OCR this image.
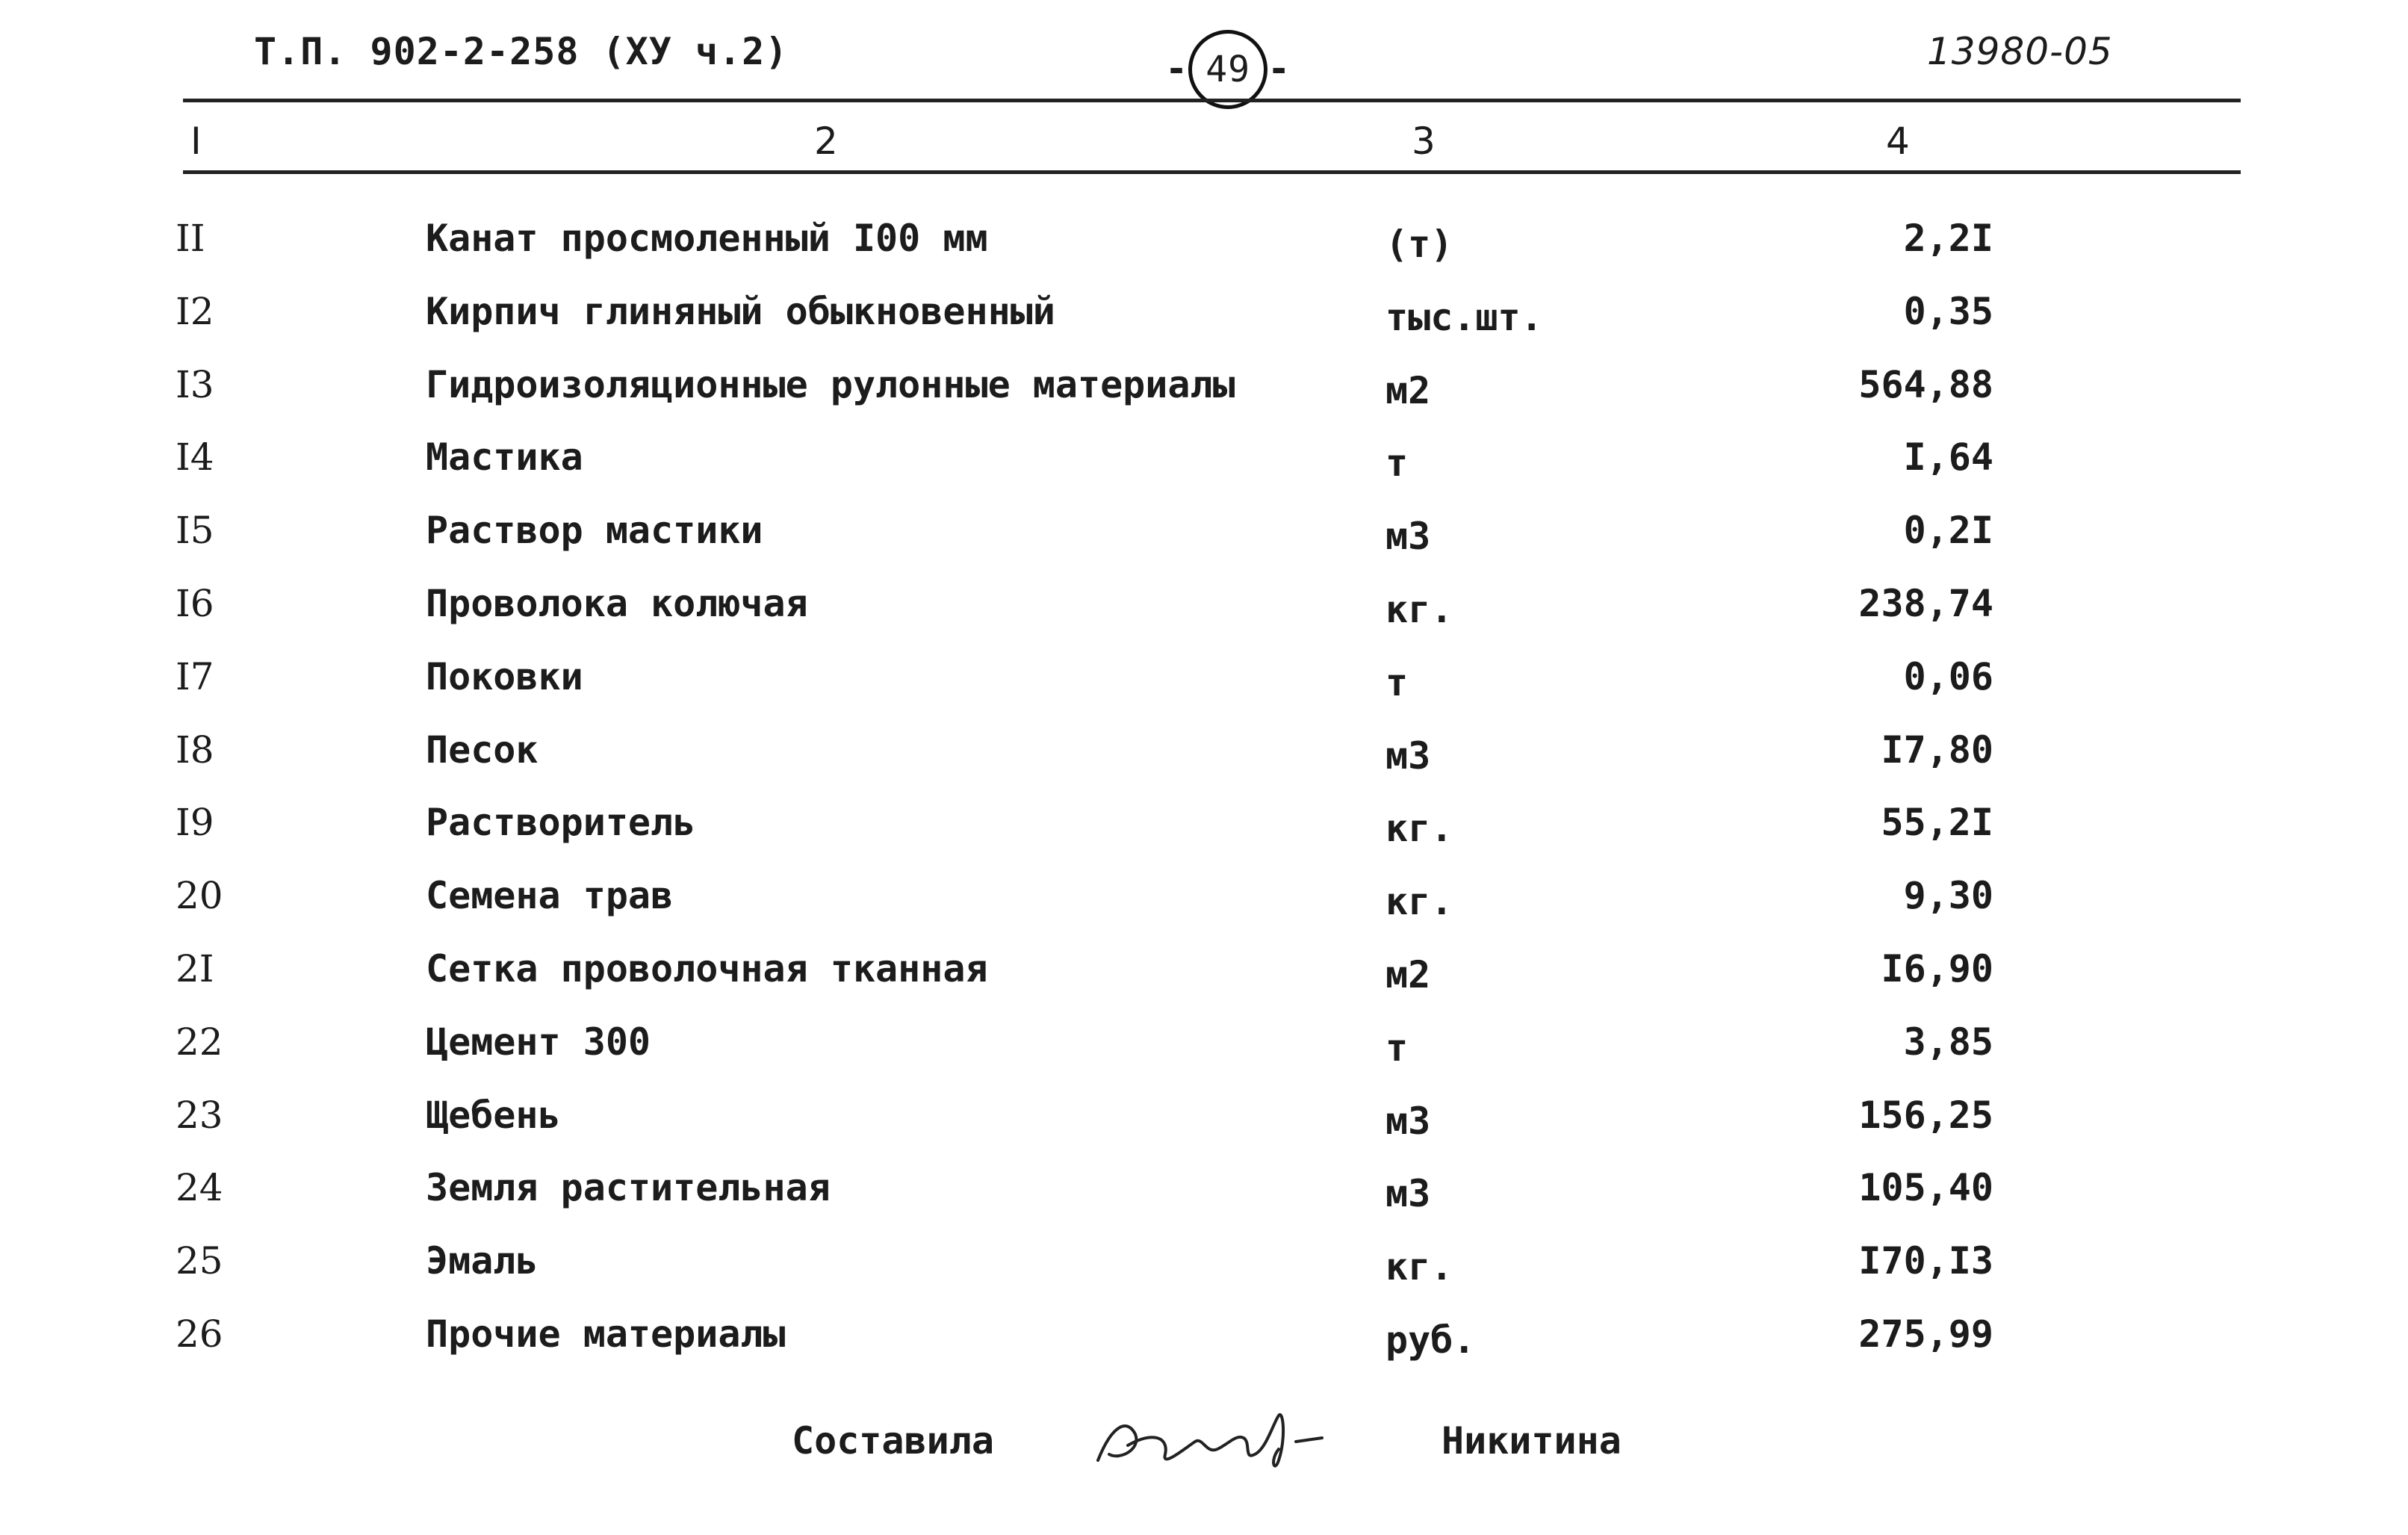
Т.П. 902-2-258 (ХУ ч.2)	- 49 -	13980-05
I	2	3	4
II	Канат просмоленный I00 мм	(т)	2,2I
I2	Кирпич глиняный обыкновенный	тыс.шт.	0,35
I3	Гидроизоляционные рулонные материалы	м2	564,88
I4	Мастика	т	I,64
I5	Раствор мастики	м3	0,2I
I6	Проволока колючая	кг.	238,74
I7	Поковки	т	0,06
I8	Песок	м3	I7,80
I9	Растворитель	кг.	55,2I
20	Семена трав	кг.	9,30
2I	Сетка проволочная тканная	м2	I6,90
22	Цемент 300	т	3,85
23	Щебень	м3	156,25
24	Земля растительная	м3	105,40
25	Эмаль	кг.	I70,I3
26	Прочие материалы	руб.	275,99
Составила	Никитина
